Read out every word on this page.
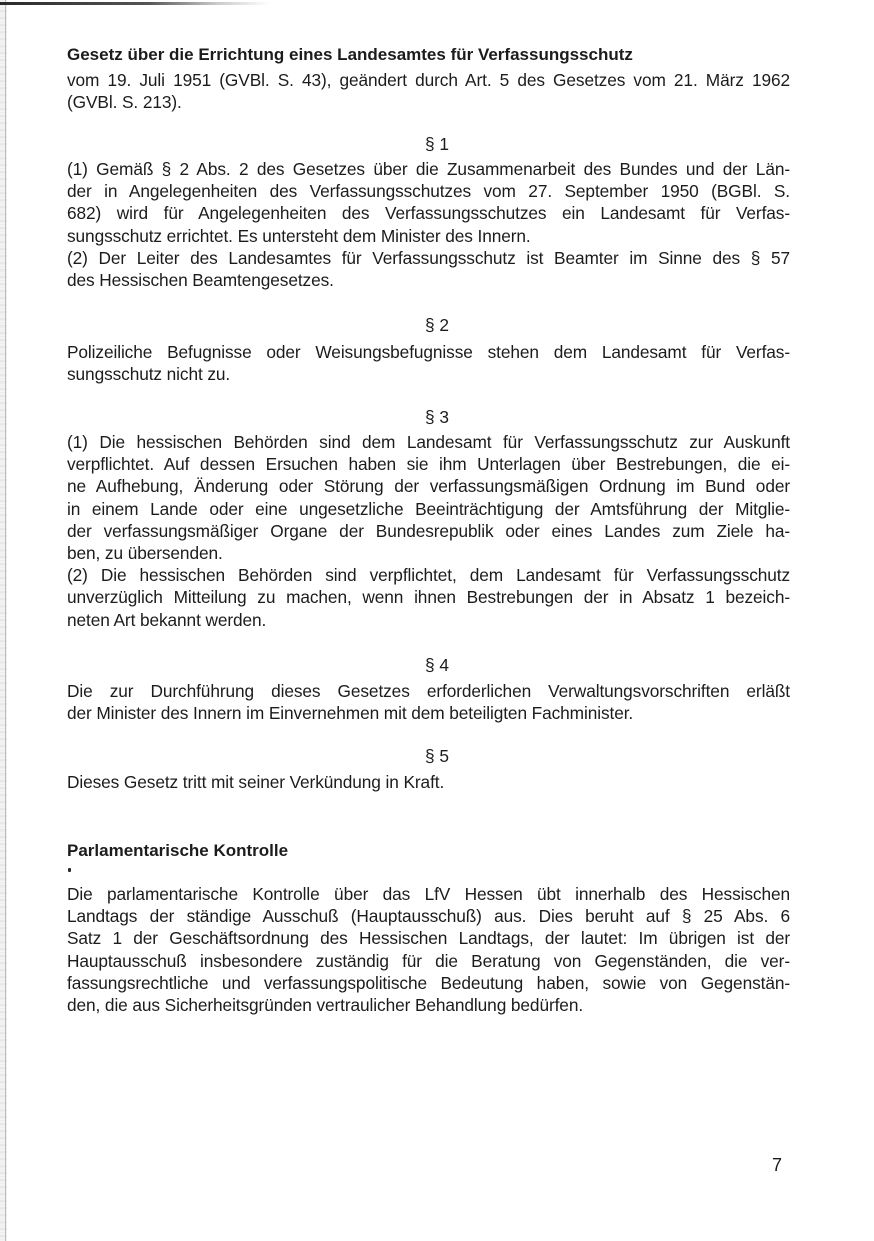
Gesetz über die Errichtung eines Landesamtes für Verfassungsschutz
vom 19. Juli 1951 (GVBl. S. 43), geändert durch Art. 5 des Gesetzes vom 21. März 1962
(GVBl. S. 213).
§ 1
(1) Gemäß § 2 Abs. 2 des Gesetzes über die Zusammenarbeit des Bundes und der Län-
der in Angelegenheiten des Verfassungsschutzes vom 27. September 1950 (BGBl. S.
682) wird für Angelegenheiten des Verfassungsschutzes ein Landesamt für Verfas-
sungsschutz errichtet. Es untersteht dem Minister des Innern.
(2) Der Leiter des Landesamtes für Verfassungsschutz ist Beamter im Sinne des § 57
des Hessischen Beamtengesetzes.
§ 2
Polizeiliche Befugnisse oder Weisungsbefugnisse stehen dem Landesamt für Verfas-
sungsschutz nicht zu.
§ 3
(1) Die hessischen Behörden sind dem Landesamt für Verfassungsschutz zur Auskunft
verpflichtet. Auf dessen Ersuchen haben sie ihm Unterlagen über Bestrebungen, die ei-
ne Aufhebung, Änderung oder Störung der verfassungsmäßigen Ordnung im Bund oder
in einem Lande oder eine ungesetzliche Beeinträchtigung der Amtsführung der Mitglie-
der verfassungsmäßiger Organe der Bundesrepublik oder eines Landes zum Ziele ha-
ben, zu übersenden.
(2) Die hessischen Behörden sind verpflichtet, dem Landesamt für Verfassungsschutz
unverzüglich Mitteilung zu machen, wenn ihnen Bestrebungen der in Absatz 1 bezeich-
neten Art bekannt werden.
§ 4
Die zur Durchführung dieses Gesetzes erforderlichen Verwaltungsvorschriften erläßt
der Minister des Innern im Einvernehmen mit dem beteiligten Fachminister.
§ 5
Dieses Gesetz tritt mit seiner Verkündung in Kraft.
Parlamentarische Kontrolle
Die parlamentarische Kontrolle über das LfV Hessen übt innerhalb des Hessischen
Landtags der ständige Ausschuß (Hauptausschuß) aus. Dies beruht auf § 25 Abs. 6
Satz 1 der Geschäftsordnung des Hessischen Landtags, der lautet: Im übrigen ist der
Hauptausschuß insbesondere zuständig für die Beratung von Gegenständen, die ver-
fassungsrechtliche und verfassungspolitische Bedeutung haben, sowie von Gegenstän-
den, die aus Sicherheitsgründen vertraulicher Behandlung bedürfen.
7
